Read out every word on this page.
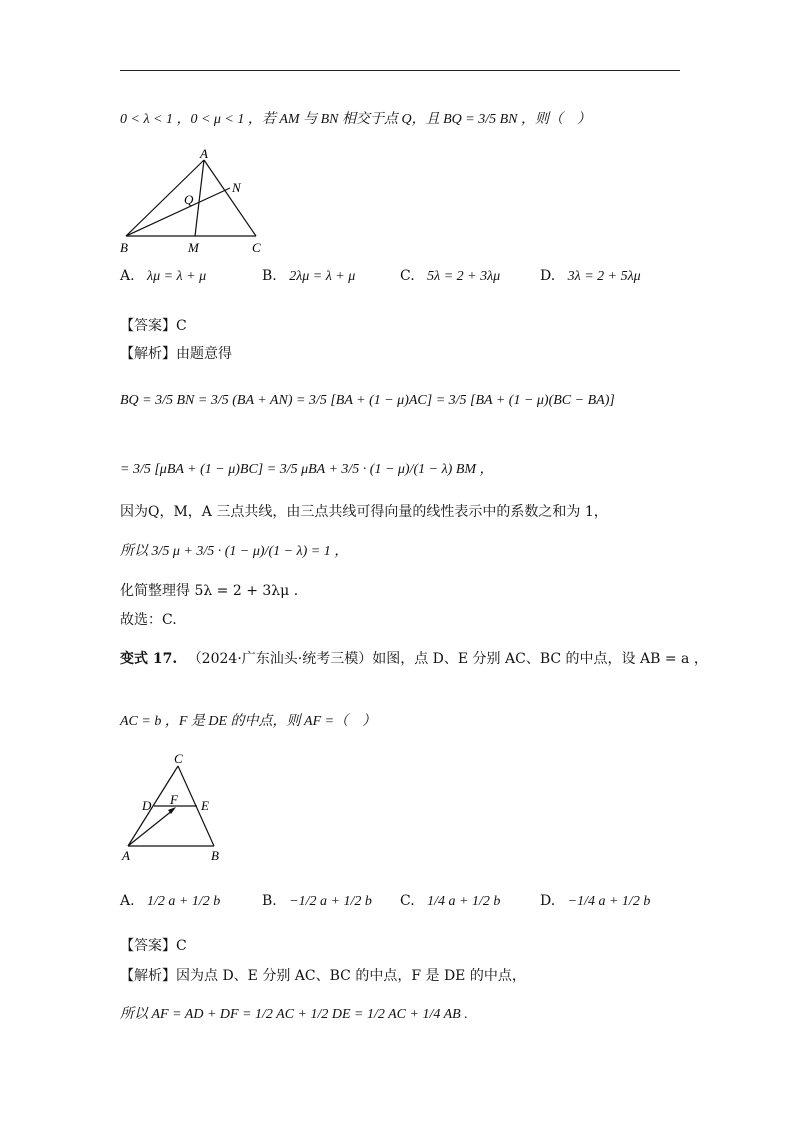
0 < λ < 1 ，0 < μ < 1 ，若 AM 与 BN 相交于点 Q，且 BQ = 3/5 BN ，则（　）
A
B	C
N
Q
M
A. λμ = λ + μ	B. 2λμ = λ + μ	C. 5λ = 2 + 3λμ	D. 3λ = 2 + 5λμ
【答案】C
【解析】由题意得
BQ = 3/5 BN = 3/5 (BA + AN) = 3/5 [BA + (1 − μ)AC] = 3/5 [BA + (1 − μ)(BC − BA)]
= 3/5 [μBA + (1 − μ)BC] = 3/5 μBA + 3/5 · (1 − μ)/(1 − λ) BM ，
因为Q，M，A 三点共线，由三点共线可得向量的线性表示中的系数之和为 1，
所以 3/5 μ + 3/5 · (1 − μ)/(1 − λ) = 1 ，
化简整理得 5λ = 2 + 3λμ .
故选：C.
变式 17. （2024·广东汕头·统考三模）如图，点 D、E 分别 AC、BC 的中点，设 AB = a ，
AC = b ，F 是 DE 的中点，则 AF =（　）
C
D F E
A	B
A. 1/2 a + 1/2 b	B. −1/2 a + 1/2 b C. 1/4 a + 1/2 b	D. −1/4 a + 1/2 b
【答案】C
【解析】因为点 D、E 分别 AC、BC 的中点，F 是 DE 的中点，
所以 AF = AD + DF = 1/2 AC + 1/2 DE = 1/2 AC + 1/4 AB .
